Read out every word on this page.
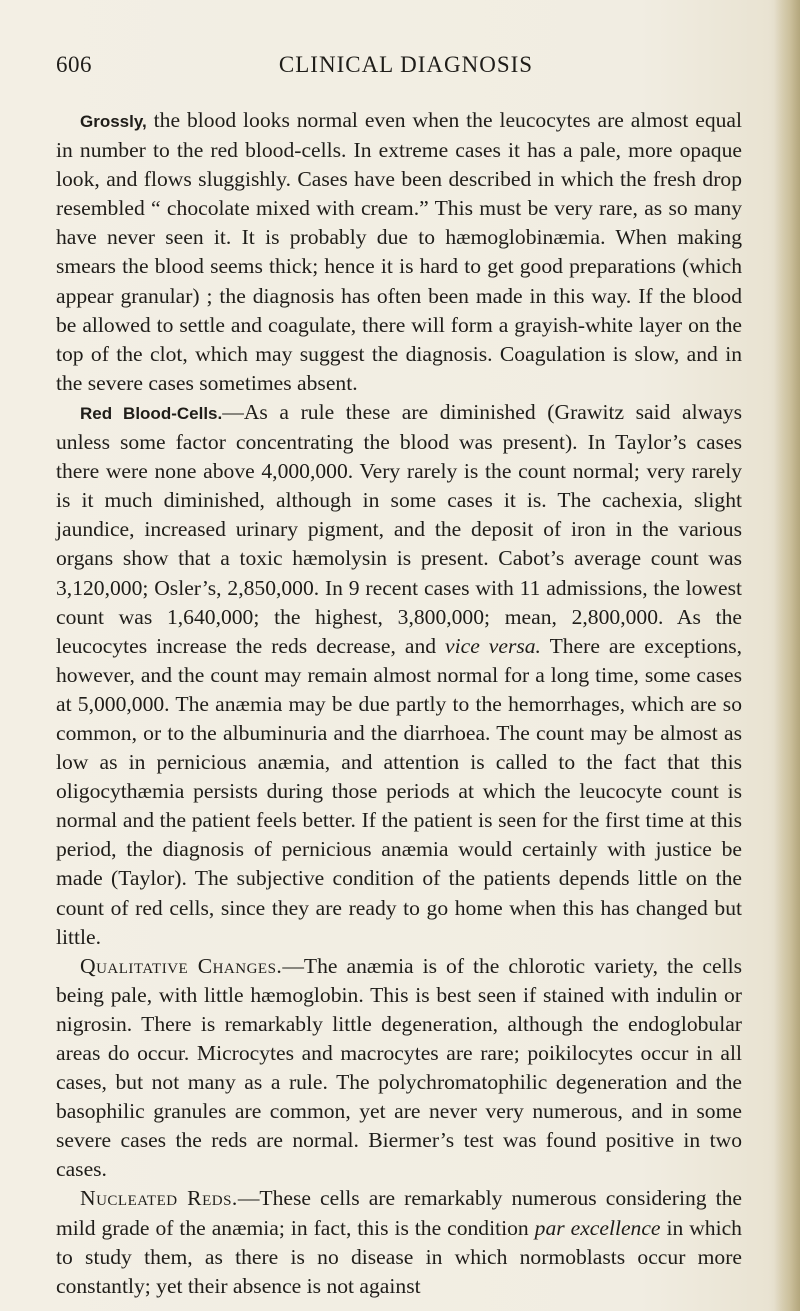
606	CLINICAL DIAGNOSIS

Grossly, the blood looks normal even when the leucocytes are almost equal in number to the red blood-cells. In extreme cases it has a pale, more opaque look, and flows sluggishly. Cases have been described in which the fresh drop resembled “ chocolate mixed with cream.” This must be very rare, as so many have never seen it. It is probably due to hæmoglobinæmia. When making smears the blood seems thick; hence it is hard to get good preparations (which appear granular) ; the diagnosis has often been made in this way. If the blood be allowed to settle and coagulate, there will form a grayish-white layer on the top of the clot, which may suggest the diagnosis. Coagulation is slow, and in the severe cases sometimes absent.

Red Blood-Cells.—As a rule these are diminished (Grawitz said always unless some factor concentrating the blood was present). In Taylor’s cases there were none above 4,000,000. Very rarely is the count normal; very rarely is it much diminished, although in some cases it is. The cachexia, slight jaundice, increased urinary pigment, and the deposit of iron in the various organs show that a toxic hæmolysin is present. Cabot’s average count was 3,120,000; Osler’s, 2,850,000. In 9 recent cases with 11 admissions, the lowest count was 1,640,000; the highest, 3,800,000; mean, 2,800,000. As the leucocytes increase the reds decrease, and vice versa. There are exceptions, however, and the count may remain almost normal for a long time, some cases at 5,000,000. The anæmia may be due partly to the hemorrhages, which are so common, or to the albuminuria and the diarrhoea. The count may be almost as low as in pernicious anæmia, and attention is called to the fact that this oligocythæmia persists during those periods at which the leucocyte count is normal and the patient feels better. If the patient is seen for the first time at this period, the diagnosis of pernicious anæmia would certainly with justice be made (Taylor). The subjective condition of the patients depends little on the count of red cells, since they are ready to go home when this has changed but little.

Qualitative Changes.—The anæmia is of the chlorotic variety, the cells being pale, with little hæmoglobin. This is best seen if stained with indulin or nigrosin. There is remarkably little degeneration, although the endoglobular areas do occur. Microcytes and macrocytes are rare; poikilocytes occur in all cases, but not many as a rule. The polychromatophilic degeneration and the basophilic granules are common, yet are never very numerous, and in some severe cases the reds are normal. Biermer’s test was found positive in two cases.

Nucleated Reds.—These cells are remarkably numerous considering the mild grade of the anæmia; in fact, this is the condition par excellence in which to study them, as there is no disease in which normoblasts occur more constantly; yet their absence is not against
